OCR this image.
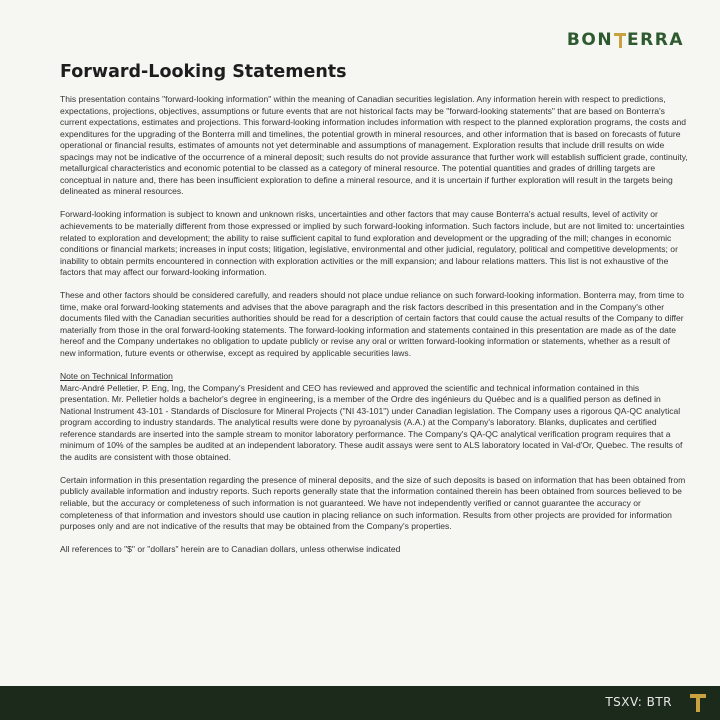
BON ERRA
Forward-Looking Statements

This presentation contains "forward-looking information" within the meaning of Canadian securities legislation. Any information herein with respect to predictions, expectations, projections, objectives, assumptions or future events that are not historical facts may be "forward-looking statements" that are based on Bonterra's current expectations, estimates and projections. This forward-looking information includes information with respect to the planned exploration programs, the costs and expenditures for the upgrading of the Bonterra mill and timelines, the potential growth in mineral resources, and other information that is based on forecasts of future operational or financial results, estimates of amounts not yet determinable and assumptions of management. Exploration results that include drill results on wide spacings may not be indicative of the occurrence of a mineral deposit; such results do not provide assurance that further work will establish sufficient grade, continuity, metallurgical characteristics and economic potential to be classed as a category of mineral resource. The potential quantities and grades of drilling targets are conceptual in nature and, there has been insufficient exploration to define a mineral resource, and it is uncertain if further exploration will result in the targets being delineated as mineral resources.

Forward-looking information is subject to known and unknown risks, uncertainties and other factors that may cause Bonterra's actual results, level of activity or achievements to be materially different from those expressed or implied by such forward-looking information. Such factors include, but are not limited to: uncertainties related to exploration and development; the ability to raise sufficient capital to fund exploration and development or the upgrading of the mill; changes in economic conditions or financial markets; increases in input costs; litigation, legislative, environmental and other judicial, regulatory, political and competitive developments; or inability to obtain permits encountered in connection with exploration activities or the mill expansion; and labour relations matters. This list is not exhaustive of the factors that may affect our forward-looking information.

These and other factors should be considered carefully, and readers should not place undue reliance on such forward-looking information. Bonterra may, from time to time, make oral forward-looking statements and advises that the above paragraph and the risk factors described in this presentation and in the Company's other documents filed with the Canadian securities authorities should be read for a description of certain factors that could cause the actual results of the Company to differ materially from those in the oral forward-looking statements. The forward-looking information and statements contained in this presentation are made as of the date hereof and the Company undertakes no obligation to update publicly or revise any oral or written forward-looking information or statements, whether as a result of new information, future events or otherwise, except as required by applicable securities laws.

Note on Technical Information

Marc-André Pelletier, P. Eng, Ing, the Company's President and CEO has reviewed and approved the scientific and technical information contained in this presentation. Mr. Pelletier holds a bachelor's degree in engineering, is a member of the Ordre des ingénieurs du Québec and is a qualified person as defined in National Instrument 43-101 - Standards of Disclosure for Mineral Projects ("NI 43-101") under Canadian legislation. The Company uses a rigorous QA-QC analytical program according to industry standards. The analytical results were done by pyroanalysis (A.A.) at the Company's laboratory. Blanks, duplicates and certified reference standards are inserted into the sample stream to monitor laboratory performance. The Company's QA-QC analytical verification program requires that a minimum of 10% of the samples be audited at an independent laboratory. These audit assays were sent to ALS laboratory located in Val-d'Or, Quebec. The results of the audits are consistent with those obtained.

Certain information in this presentation regarding the presence of mineral deposits, and the size of such deposits is based on information that has been obtained from publicly available information and industry reports. Such reports generally state that the information contained therein has been obtained from sources believed to be reliable, but the accuracy or completeness of such information is not guaranteed. We have not independently verified or cannot guarantee the accuracy or completeness of that information and investors should use caution in placing reliance on such information. Results from other projects are provided for information purposes only and are not indicative of the results that may be obtained from the Company's properties.

All references to "$" or "dollars" herein are to Canadian dollars, unless otherwise indicated

TSXV: BTR
